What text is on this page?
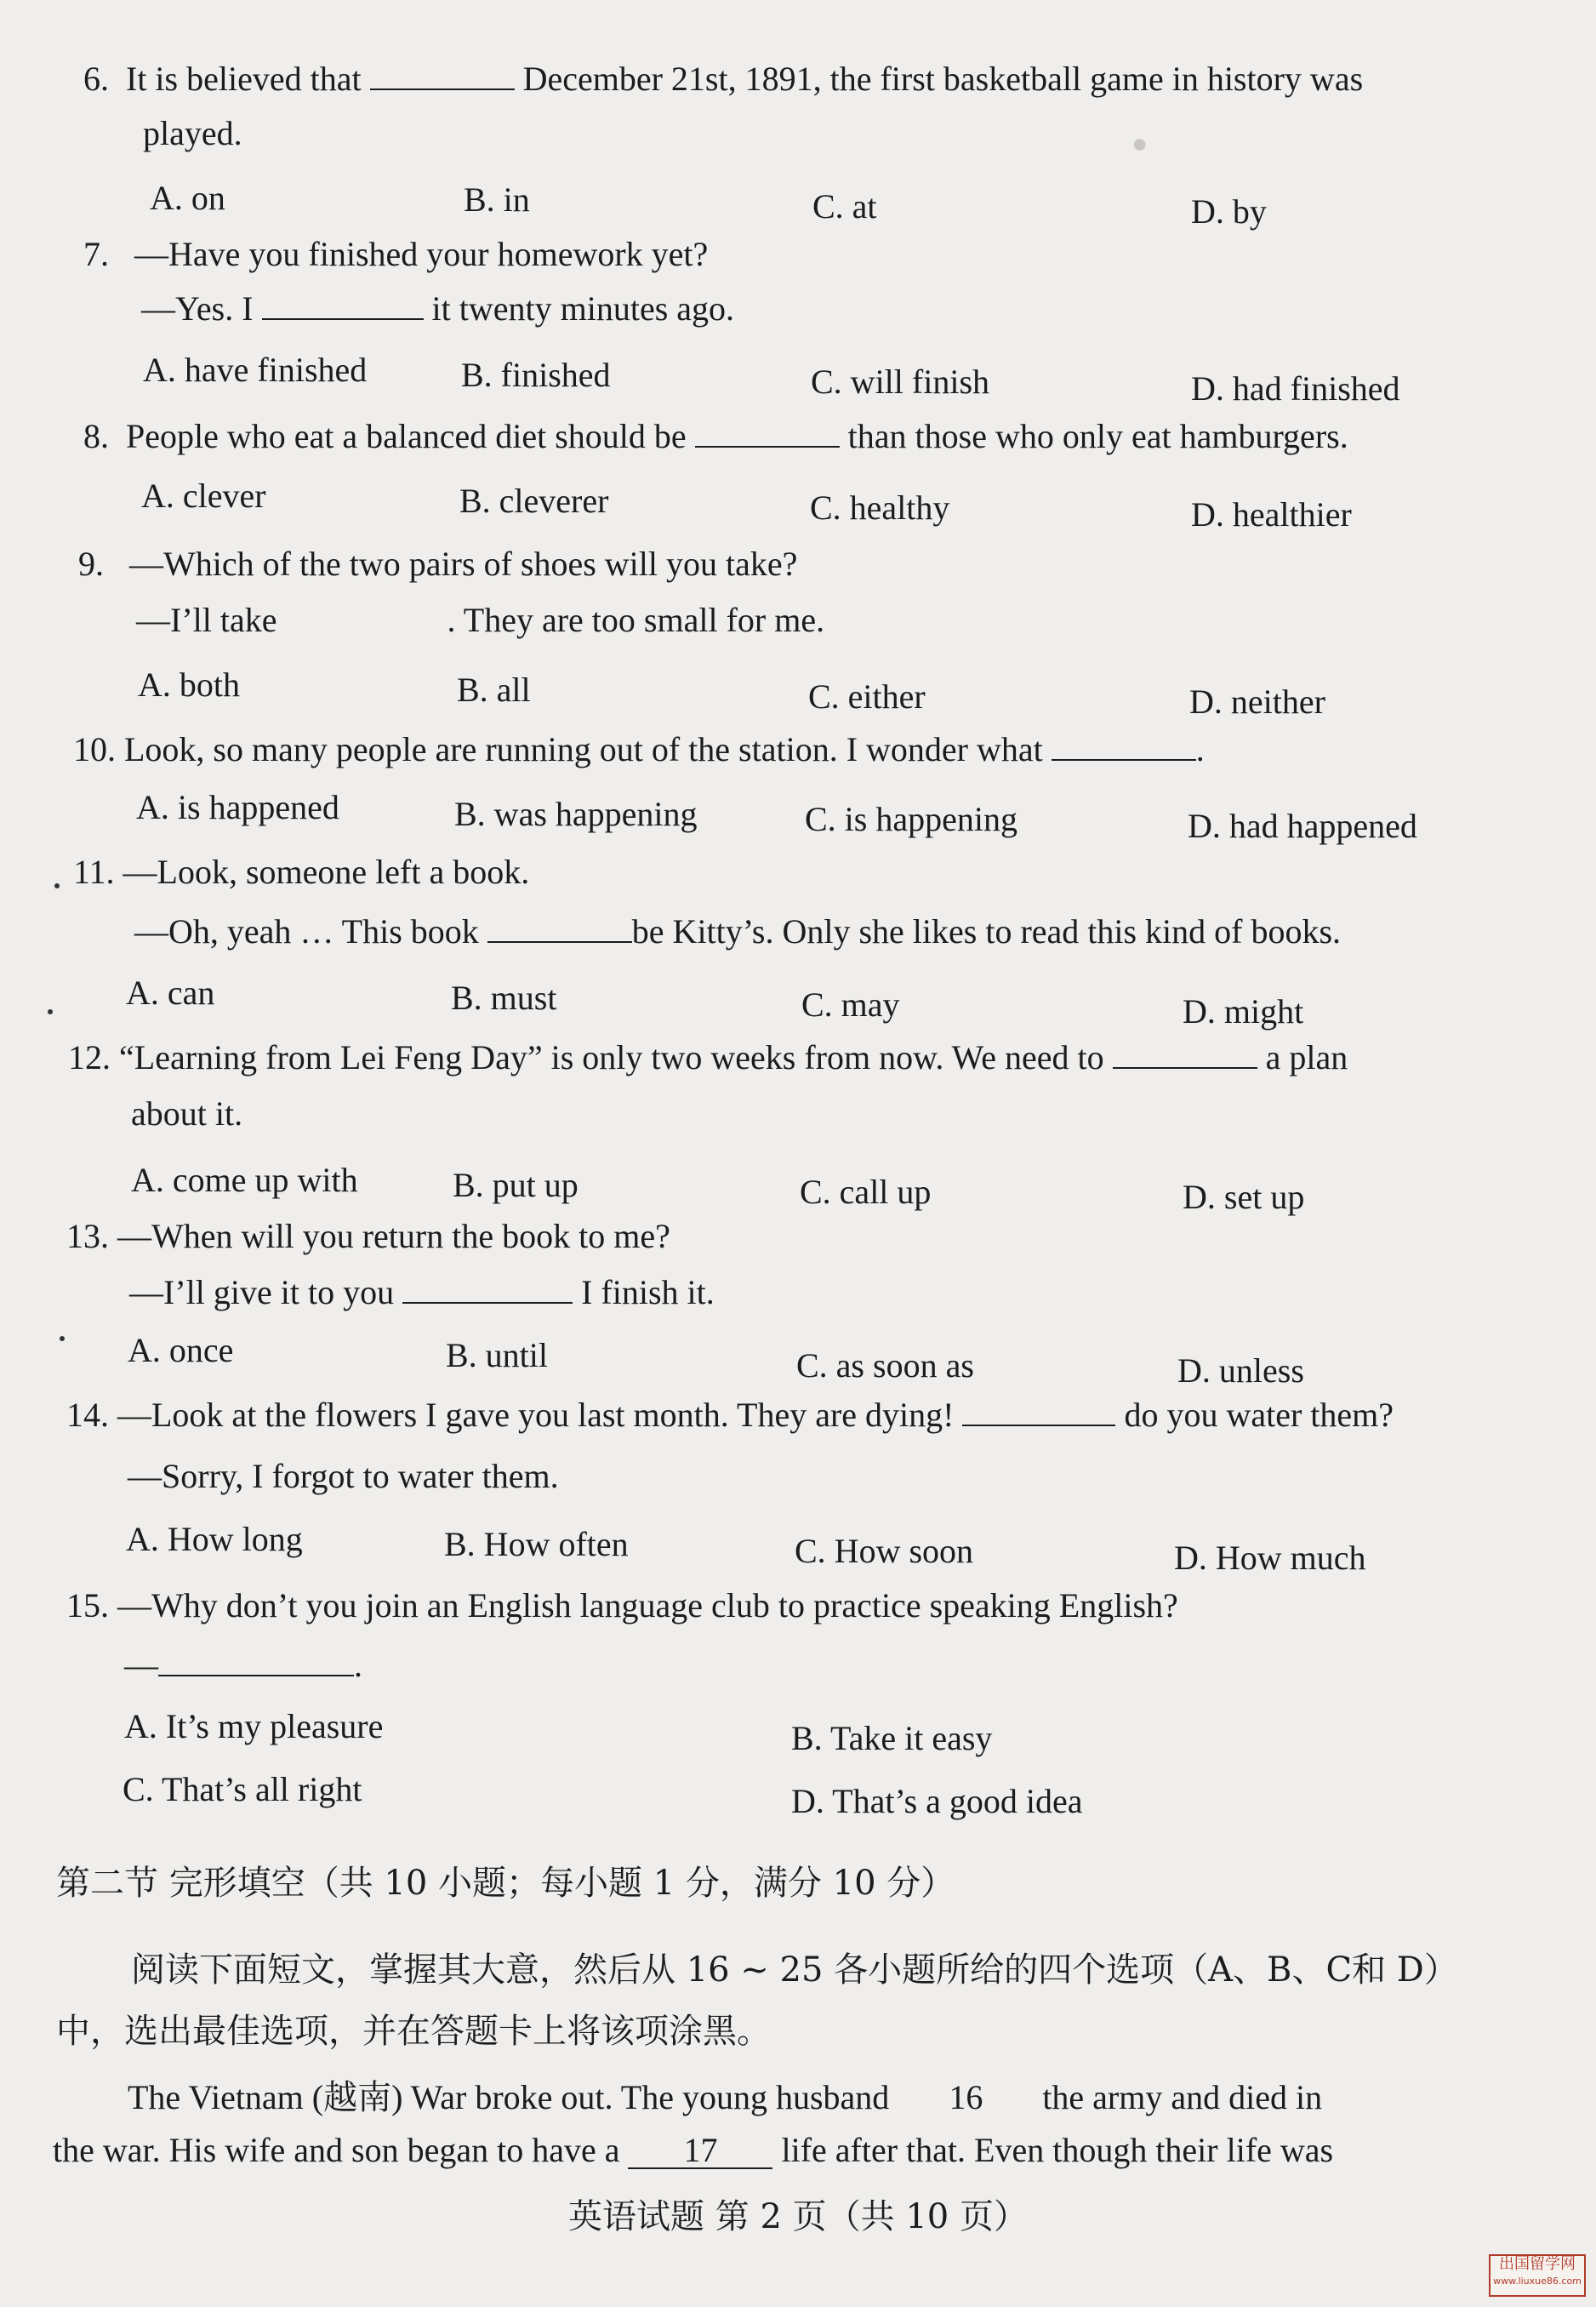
●
6. It is believed that	December 21st, 1891, the first basketball game in history was
played.
A. on	B. in	C. at	D. by
7. —Have you finished your homework yet?
—Yes. I	it twenty minutes ago.
A. have finished	B. finished	C. will finish	D. had finished
8. People who eat a balanced diet should be	than those who only eat hamburgers.
A. clever	B. cleverer	C. healthy	D. healthier
9. —Which of the two pairs of shoes will you take?
—I’ll take	. They are too small for me.
A. both	B. all	C. either	D. neither
10. Look, so many people are running out of the station. I wonder what	.
A. is happened	B. was happening	C. is happening	D. had happened
11. —Look, someone left a book.
—Oh, yeah … This book	be Kitty’s. Only she likes to read this kind of books.
A. can	B. must	C. may	D. might
12. “Learning from Lei Feng Day” is only two weeks from now. We need to	a plan
about it.
A. come up with	B. put up	C. call up	D. set up
13. —When will you return the book to me?
—I’ll give it to you	I finish it.
A. once	B. until	C. as soon as	D. unless
14. —Look at the flowers I gave you last month. They are dying!	do you water them?
—Sorry, I forgot to water them.
A. How long	B. How often	C. How soon	D. How much
15. —Why don’t you join an English language club to practice speaking English?
—	.
A. It’s my pleasure	B. Take it easy
C. That’s all right	D. That’s a good idea
第二节 完形填空（共 10 小题；每小题 1 分，满分 10 分）
阅读下面短文，掌握其大意，然后从 16 ~ 25 各小题所给的四个选项（A、B、C和 D）
中，选出最佳选项，并在答题卡上将该项涂黑。
The Vietnam (越南) War broke out. The young husband 16 the army and died in
the war. His wife and son began to have a 17 life after that. Even though their life was
英语试题 第 2 页（共 10 页）
出国留学网
www.liuxue86.com
